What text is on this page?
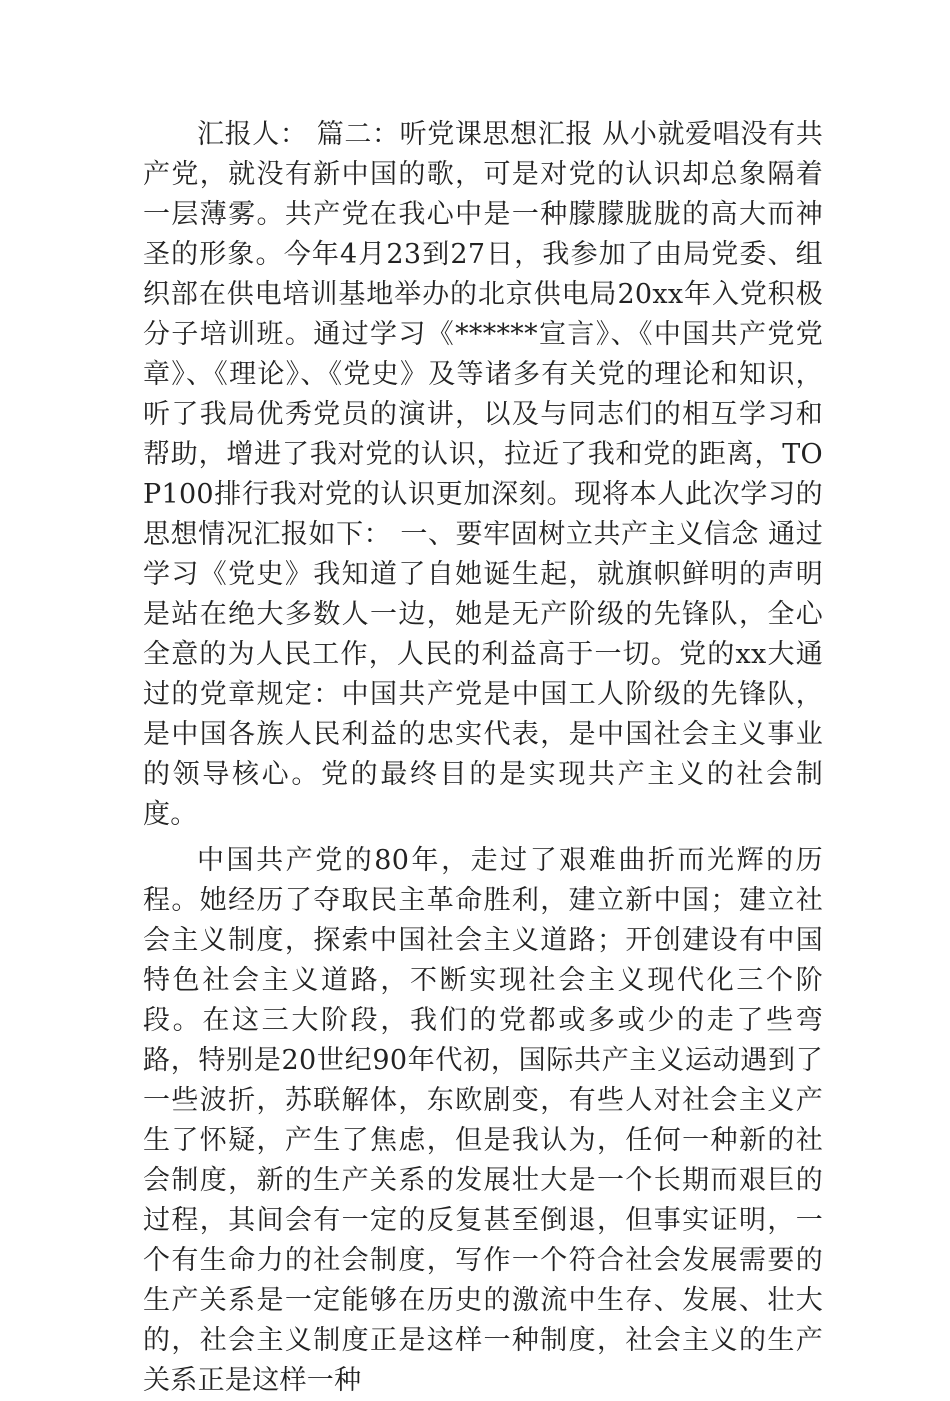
汇报人： 篇二：听党课思想汇报 从小就爱唱没有共产党，就没有新中国的歌，可是对党的认识却总象隔着一层薄雾。共产党在我心中是一种朦朦胧胧的高大而神圣的形象。今年4月23到27日，我参加了由局党委、组织部在供电培训基地举办的北京供电局20xx年入党积极分子培训班。通过学习《******宣言》、《中国共产党党章》、《理论》、《党史》及等诸多有关党的理论和知识，听了我局优秀党员的演讲，以及与同志们的相互学习和帮助，增进了我对党的认识，拉近了我和党的距离，TOP100排行我对党的认识更加深刻。现将本人此次学习的思想情况汇报如下： 一、要牢固树立共产主义信念 通过学习《党史》我知道了自她诞生起，就旗帜鲜明的声明是站在绝大多数人一边，她是无产阶级的先锋队，全心全意的为人民工作，人民的利益高于一切。党的xx大通过的党章规定：中国共产党是中国工人阶级的先锋队，是中国各族人民利益的忠实代表，是中国社会主义事业的领导核心。党的最终目的是实现共产主义的社会制度。

中国共产党的80年，走过了艰难曲折而光辉的历程。她经历了夺取民主革命胜利，建立新中国；建立社会主义制度，探索中国社会主义道路；开创建设有中国特色社会主义道路，不断实现社会主义现代化三个阶段。在这三大阶段，我们的党都或多或少的走了些弯路，特别是20世纪90年代初，国际共产主义运动遇到了一些波折，苏联解体，东欧剧变，有些人对社会主义产生了怀疑，产生了焦虑，但是我认为，任何一种新的社会制度，新的生产关系的发展壮大是一个长期而艰巨的过程，其间会有一定的反复甚至倒退，但事实证明，一个有生命力的社会制度，写作一个符合社会发展需要的生产关系是一定能够在历史的激流中生存、发展、壮大的，社会主义制度正是这样一种制度，社会主义的生产关系正是这样一种
